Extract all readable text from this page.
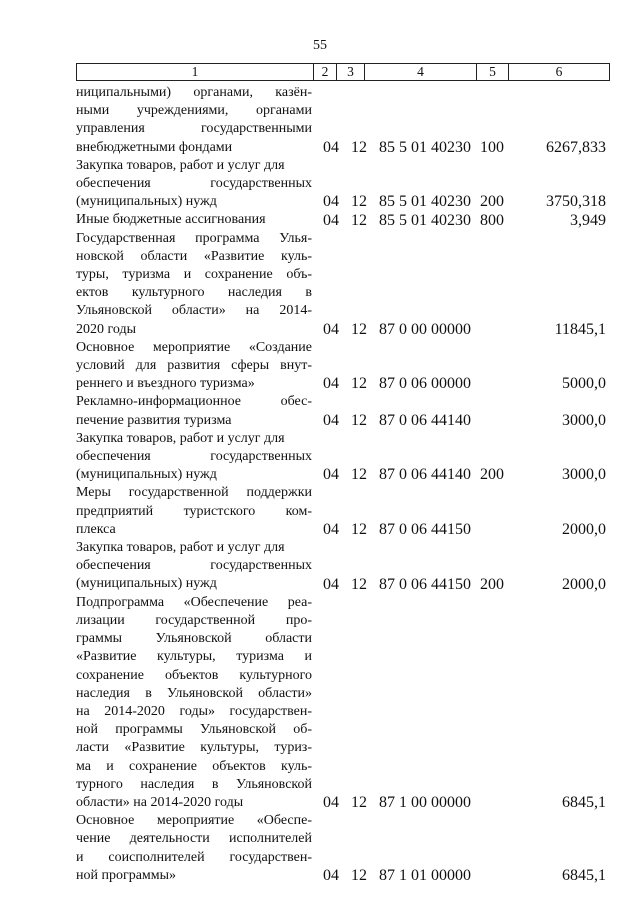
55
1	2	3	4	5	6
ниципальными) органами, казён-
ными учреждениями, органами
управления государственными
внебюджетными фондами	04 12 85 5 01 40230 100	6267,833
Закупка товаров, работ и услуг для
обеспечения государственных
(муниципальных) нужд	04 12 85 5 01 40230 200	3750,318
Иные бюджетные ассигнования	04 12 85 5 01 40230 800	3,949
Государственная программа Улья-
новской области «Развитие куль-
туры, туризма и сохранение объ-
ектов культурного наследия в
Ульяновской области» на 2014-
2020 годы	04 12 87 0 00 00000	11845,1
Основное мероприятие «Создание
условий для развития сферы внут-
реннего и въездного туризма»	04 12 87 0 06 00000	5000,0
Рекламно-информационное обес-
печение развития туризма	04 12 87 0 06 44140	3000,0
Закупка товаров, работ и услуг для
обеспечения государственных
(муниципальных) нужд	04 12 87 0 06 44140 200	3000,0
Меры государственной поддержки
предприятий туристского ком-
плекса	04 12 87 0 06 44150	2000,0
Закупка товаров, работ и услуг для
обеспечения государственных
(муниципальных) нужд	04 12 87 0 06 44150 200	2000,0
Подпрограмма «Обеспечение реа-
лизации государственной про-
граммы Ульяновской области
«Развитие культуры, туризма и
сохранение объектов культурного
наследия в Ульяновской области»
на 2014-2020 годы» государствен-
ной программы Ульяновской об-
ласти «Развитие культуры, туриз-
ма и сохранение объектов куль-
турного наследия в Ульяновской
области» на 2014-2020 годы	04 12 87 1 00 00000	6845,1
Основное мероприятие «Обеспе-
чение деятельности исполнителей
и соисполнителей государствен-
ной программы»	04 12 87 1 01 00000	6845,1
